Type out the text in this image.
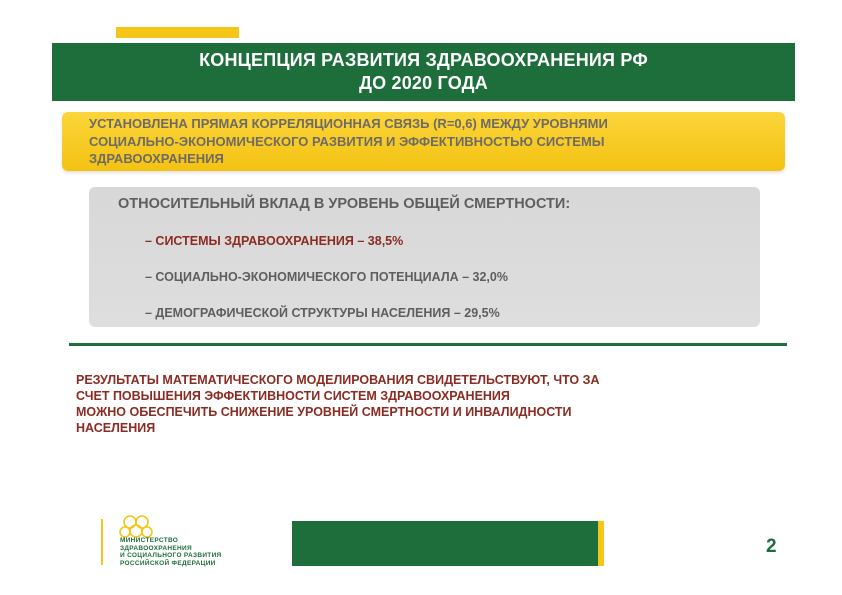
КОНЦЕПЦИЯ РАЗВИТИЯ ЗДРАВООХРАНЕНИЯ РФ
ДО 2020 ГОДА
УСТАНОВЛЕНА ПРЯМАЯ КОРРЕЛЯЦИОННАЯ СВЯЗЬ (R=0,6) МЕЖДУ УРОВНЯМИ
СОЦИАЛЬНО-ЭКОНОМИЧЕСКОГО РАЗВИТИЯ И ЭФФЕКТИВНОСТЬЮ СИСТЕМЫ
ЗДРАВООХРАНЕНИЯ
ОТНОСИТЕЛЬНЫЙ ВКЛАД В УРОВЕНЬ ОБЩЕЙ СМЕРТНОСТИ:
– СИСТЕМЫ ЗДРАВООХРАНЕНИЯ – 38,5%
– СОЦИАЛЬНО-ЭКОНОМИЧЕСКОГО ПОТЕНЦИАЛА – 32,0%
– ДЕМОГРАФИЧЕСКОЙ СТРУКТУРЫ НАСЕЛЕНИЯ – 29,5%
РЕЗУЛЬТАТЫ МАТЕМАТИЧЕСКОГО МОДЕЛИРОВАНИЯ СВИДЕТЕЛЬСТВУЮТ, ЧТО ЗА
СЧЕТ ПОВЫШЕНИЯ ЭФФЕКТИВНОСТИ СИСТЕМ ЗДРАВООХРАНЕНИЯ
МОЖНО ОБЕСПЕЧИТЬ СНИЖЕНИЕ УРОВНЕЙ СМЕРТНОСТИ И ИНВАЛИДНОСТИ
НАСЕЛЕНИЯ
МИНИСТЕРСТВО
ЗДРАВООХРАНЕНИЯ
И СОЦИАЛЬНОГО РАЗВИТИЯ
РОССИЙСКОЙ ФЕДЕРАЦИИ
2
